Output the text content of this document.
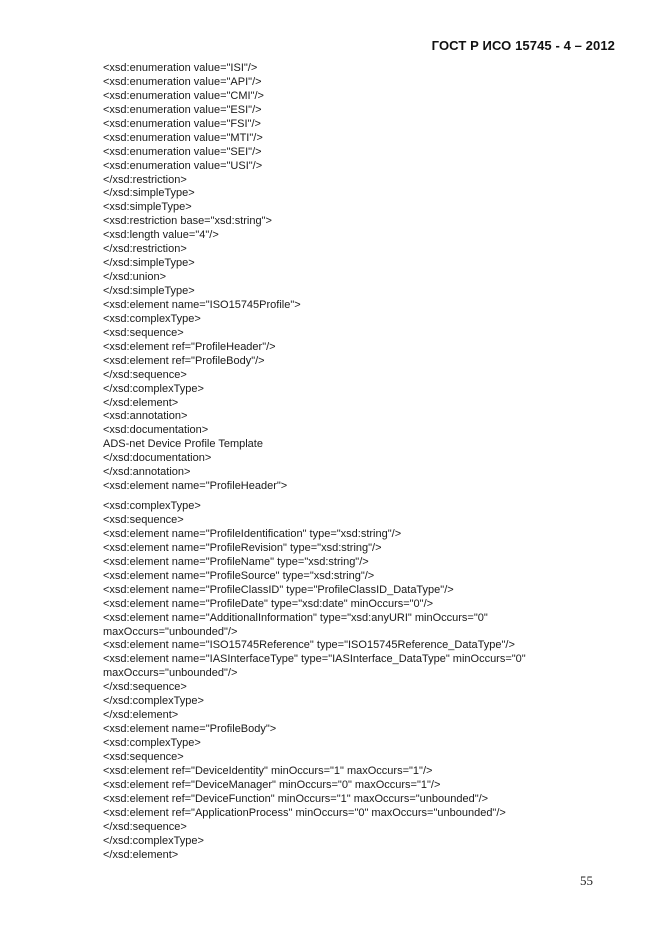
ГОСТ Р ИСО 15745 - 4 – 2012
<xsd:enumeration value="ISI"/>
<xsd:enumeration value="API"/>
<xsd:enumeration value="CMI"/>
<xsd:enumeration value="ESI"/>
<xsd:enumeration value="FSI"/>
<xsd:enumeration value="MTI"/>
<xsd:enumeration value="SEI"/>
<xsd:enumeration value="USI"/>
</xsd:restriction>
</xsd:simpleType>
<xsd:simpleType>
<xsd:restriction base="xsd:string">
<xsd:length value="4"/>
</xsd:restriction>
</xsd:simpleType>
</xsd:union>
</xsd:simpleType>
<xsd:element name="ISO15745Profile">
<xsd:complexType>
<xsd:sequence>
<xsd:element ref="ProfileHeader"/>
<xsd:element ref="ProfileBody"/>
</xsd:sequence>
</xsd:complexType>
</xsd:element>
<xsd:annotation>
<xsd:documentation>
ADS-net Device Profile Template
</xsd:documentation>
</xsd:annotation>
<xsd:element name="ProfileHeader">
<xsd:complexType>
<xsd:sequence>
<xsd:element name="ProfileIdentification" type="xsd:string"/>
<xsd:element name="ProfileRevision" type="xsd:string"/>
<xsd:element name="ProfileName" type="xsd:string"/>
<xsd:element name="ProfileSource" type="xsd:string"/>
<xsd:element name="ProfileClassID" type="ProfileClassID_DataType"/>
<xsd:element name="ProfileDate" type="xsd:date" minOccurs="0"/>
<xsd:element name="AdditionalInformation" type="xsd:anyURI" minOccurs="0"
maxOccurs="unbounded"/>
<xsd:element name="ISO15745Reference" type="ISO15745Reference_DataType"/>
<xsd:element name="IASInterfaceType" type="IASInterface_DataType" minOccurs="0"
maxOccurs="unbounded"/>
</xsd:sequence>
</xsd:complexType>
</xsd:element>
<xsd:element name="ProfileBody">
<xsd:complexType>
<xsd:sequence>
<xsd:element ref="DeviceIdentity" minOccurs="1" maxOccurs="1"/>
<xsd:element ref="DeviceManager" minOccurs="0" maxOccurs="1"/>
<xsd:element ref="DeviceFunction" minOccurs="1" maxOccurs="unbounded"/>
<xsd:element ref="ApplicationProcess" minOccurs="0" maxOccurs="unbounded"/>
</xsd:sequence>
</xsd:complexType>
</xsd:element>
55
